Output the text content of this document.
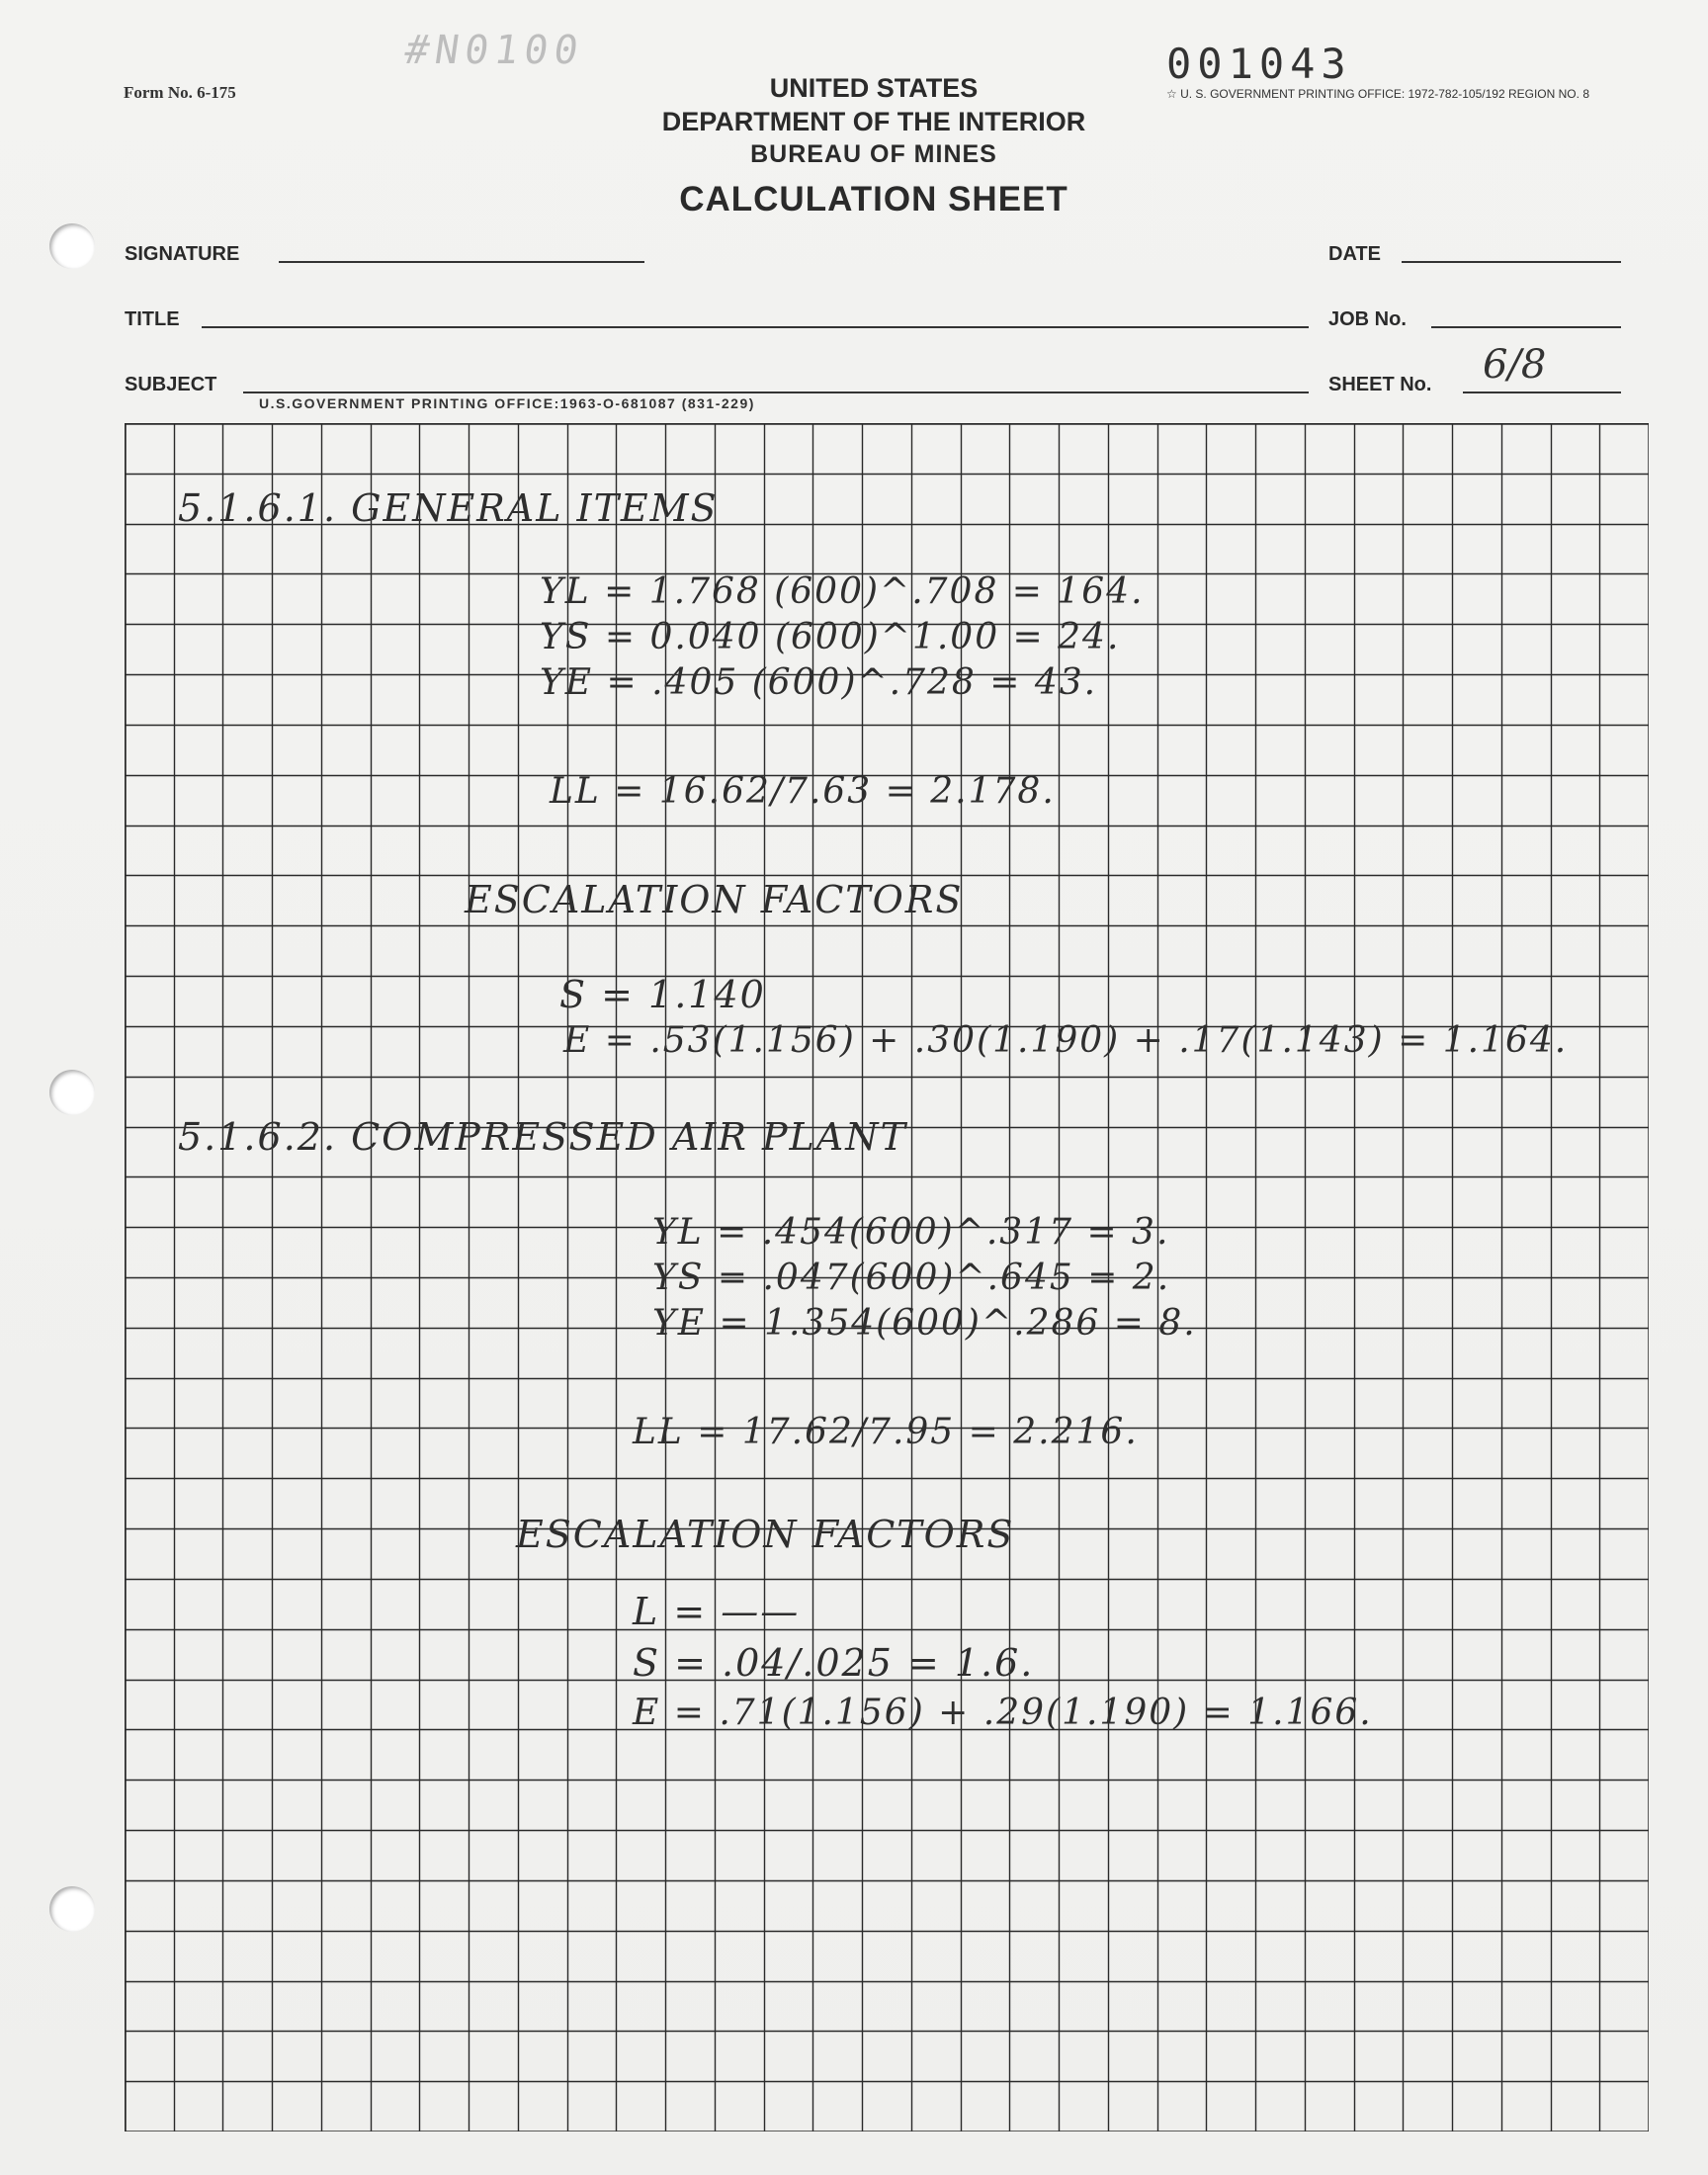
#N0100	001043
☆ U. S. GOVERNMENT PRINTING OFFICE: 1972-782-105/192 REGION NO. 8
Form No. 6-175	UNITED STATES
DEPARTMENT OF THE INTERIOR
BUREAU OF MINES
CALCULATION SHEET
SIGNATURE	DATE
TITLE	JOB No.
SUBJECT	SHEET No. 6/8
U.S.GOVERNMENT PRINTING OFFICE:1963-O-681087 (831-229)
5.1.6.1. GENERAL ITEMS
YL = 1.768 (600)^.708 = 164.
YS = 0.040 (600)^1.00 = 24.
YE = .405 (600)^.728 = 43.
LL = 16.62/7.63 = 2.178.
ESCALATION FACTORS
S = 1.140
E = .53(1.156) + .30(1.190) + .17(1.143) = 1.164.
5.1.6.2. COMPRESSED AIR PLANT
YL = .454(600)^.317 = 3.
YS = .047(600)^.645 = 2.
YE = 1.354(600)^.286 = 8.
LL = 17.62/7.95 = 2.216.
ESCALATION FACTORS
L = ——
S = .04/.025 = 1.6.
E = .71(1.156) + .29(1.190) = 1.166.
